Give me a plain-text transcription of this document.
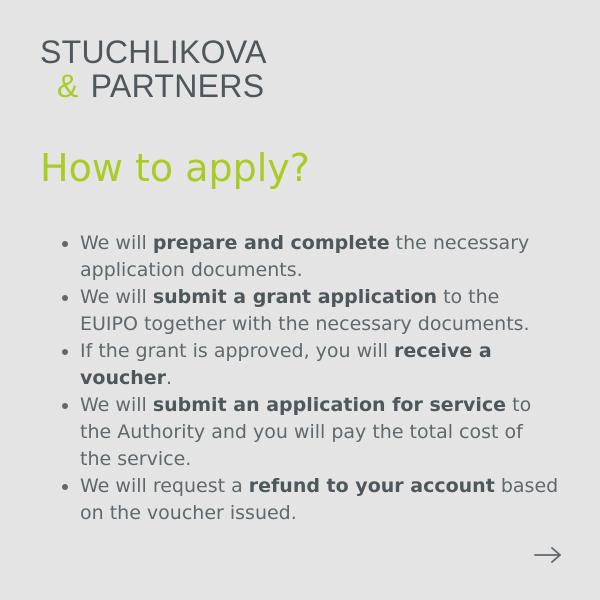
STUCHLIKOVA
& PARTNERS
How to apply?
We will prepare and complete the necessary application documents.
We will submit a grant application to the EUIPO together with the necessary documents.
If the grant is approved, you will receive a voucher.
We will submit an application for service to the Authority and you will pay the total cost of the service.
We will request a refund to your account based on the voucher issued.
